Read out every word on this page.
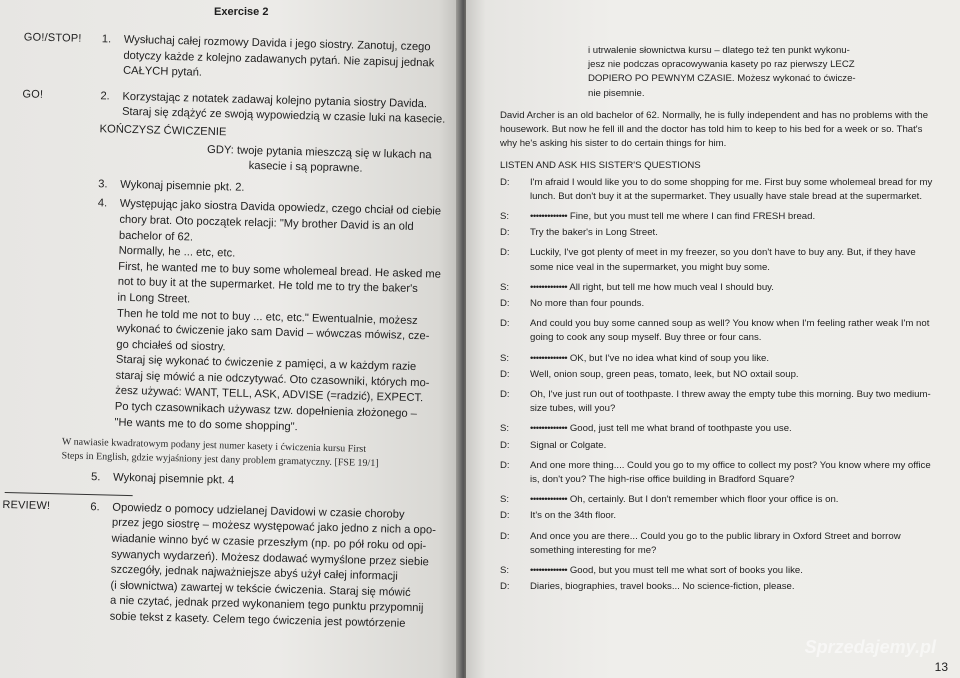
Exercise 2
GO!/STOP! 1.	Wysłuchaj całej rozmowy Davida i jego siostry. Zanotuj, czego
dotyczy każde z kolejno zadawanych pytań. Nie zapisuj jednak
CAŁYCH pytań.
GO!	2.	Korzystając z notatek zadawaj kolejno pytania siostry Davida.
Staraj się zdążyć ze swoją wypowiedzią w czasie luki na kasecie.
KOŃCZYSZ ĆWICZENIE
GDY: twoje pytania mieszczą się w lukach na
kasecie i są poprawne.
3.	Wykonaj pisemnie pkt. 2.
4.	Występując jako siostra Davida opowiedz, czego chciał od ciebie
chory brat. Oto początek relacji: "My brother David is an old
bachelor of 62.
Normally, he ... etc, etc.
First, he wanted me to buy some wholemeal bread. He asked me
not to buy it at the supermarket. He told me to try the baker's
in Long Street.
Then he told me not to buy ... etc, etc." Ewentualnie, możesz
wykonać to ćwiczenie jako sam David – wówczas mówisz, cze-
go chciałeś od siostry.
Staraj się wykonać to ćwiczenie z pamięci, a w każdym razie
staraj się mówić a nie odczytywać. Oto czasowniki, których mo-
żesz używać: WANT, TELL, ASK, ADVISE (=radzić), EXPECT.
Po tych czasownikach używasz tzw. dopełnienia złożonego –
"He wants me to do some shopping".
W nawiasie kwadratowym podany jest numer kasety i ćwiczenia kursu First
Steps in English, gdzie wyjaśniony jest dany problem gramatyczny. [FSE 19/1]
5.	Wykonaj pisemnie pkt. 4
REVIEW!	6.	Opowiedz o pomocy udzielanej Davidowi w czasie choroby
przez jego siostrę – możesz występować jako jedno z nich a opo-
wiadanie winno być w czasie przeszłym (np. po pół roku od opi-
sywanych wydarzeń). Możesz dodawać wymyślone przez siebie
szczegóły, jednak najważniejsze abyś użył całej informacji
(i słownictwa) zawartej w tekście ćwiczenia. Staraj się mówić
a nie czytać, jednak przed wykonaniem tego punktu przypomnij
sobie tekst z kasety. Celem tego ćwiczenia jest powtórzenie
i utrwalenie słownictwa kursu – dlatego też ten punkt wykonu-
jesz nie podczas opracowywania kasety po raz pierwszy LECZ
DOPIERO PO PEWNYM CZASIE. Możesz wykonać to ćwicze-
nie pisemnie.
David Archer is an old bachelor of 62. Normally, he is fully independent and has no problems with the housework. But now he fell ill and the doctor has told him to keep to his bed for a week or so. That's why he's asking his sister to do certain things for him.
LISTEN AND ASK HIS SISTER'S QUESTIONS
D:	I'm afraid I would like you to do some shopping for me. First buy some wholemeal bread for my lunch. But don't buy it at the supermarket. They usually have stale bread at the supermarket.
S:	••••••••••••• Fine, but you must tell me where I can find FRESH bread.
D:	Try the baker's in Long Street.
D:	Luckily, I've got plenty of meet in my freezer, so you don't have to buy any. But, if they have some nice veal in the supermarket, you might buy some.
S:	••••••••••••• All right, but tell me how much veal I should buy.
D:	No more than four pounds.
D:	And could you buy some canned soup as well? You know when I'm feeling rather weak I'm not going to cook any soup myself. Buy three or four cans.
S:	••••••••••••• OK, but I've no idea what kind of soup you like.
D:	Well, onion soup, green peas, tomato, leek, but NO oxtail soup.
D:	Oh, I've just run out of toothpaste. I threw away the empty tube this morning. Buy two medium-size tubes, will you?
S:	••••••••••••• Good, just tell me what brand of toothpaste you use.
D:	Signal or Colgate.
D:	And one more thing.... Could you go to my office to collect my post? You know where my office is, don't you? The high-rise office building in Bradford Square?
S:	••••••••••••• Oh, certainly. But I don't remember which floor your office is on.
D:	It's on the 34th floor.
D:	And once you are there... Could you go to the public library in Oxford Street and borrow something interesting for me?
S:	••••••••••••• Good, but you must tell me what sort of books you like.
D:	Diaries, biographies, travel books... No science-fiction, please.
Sprzedajemy.pl
13
